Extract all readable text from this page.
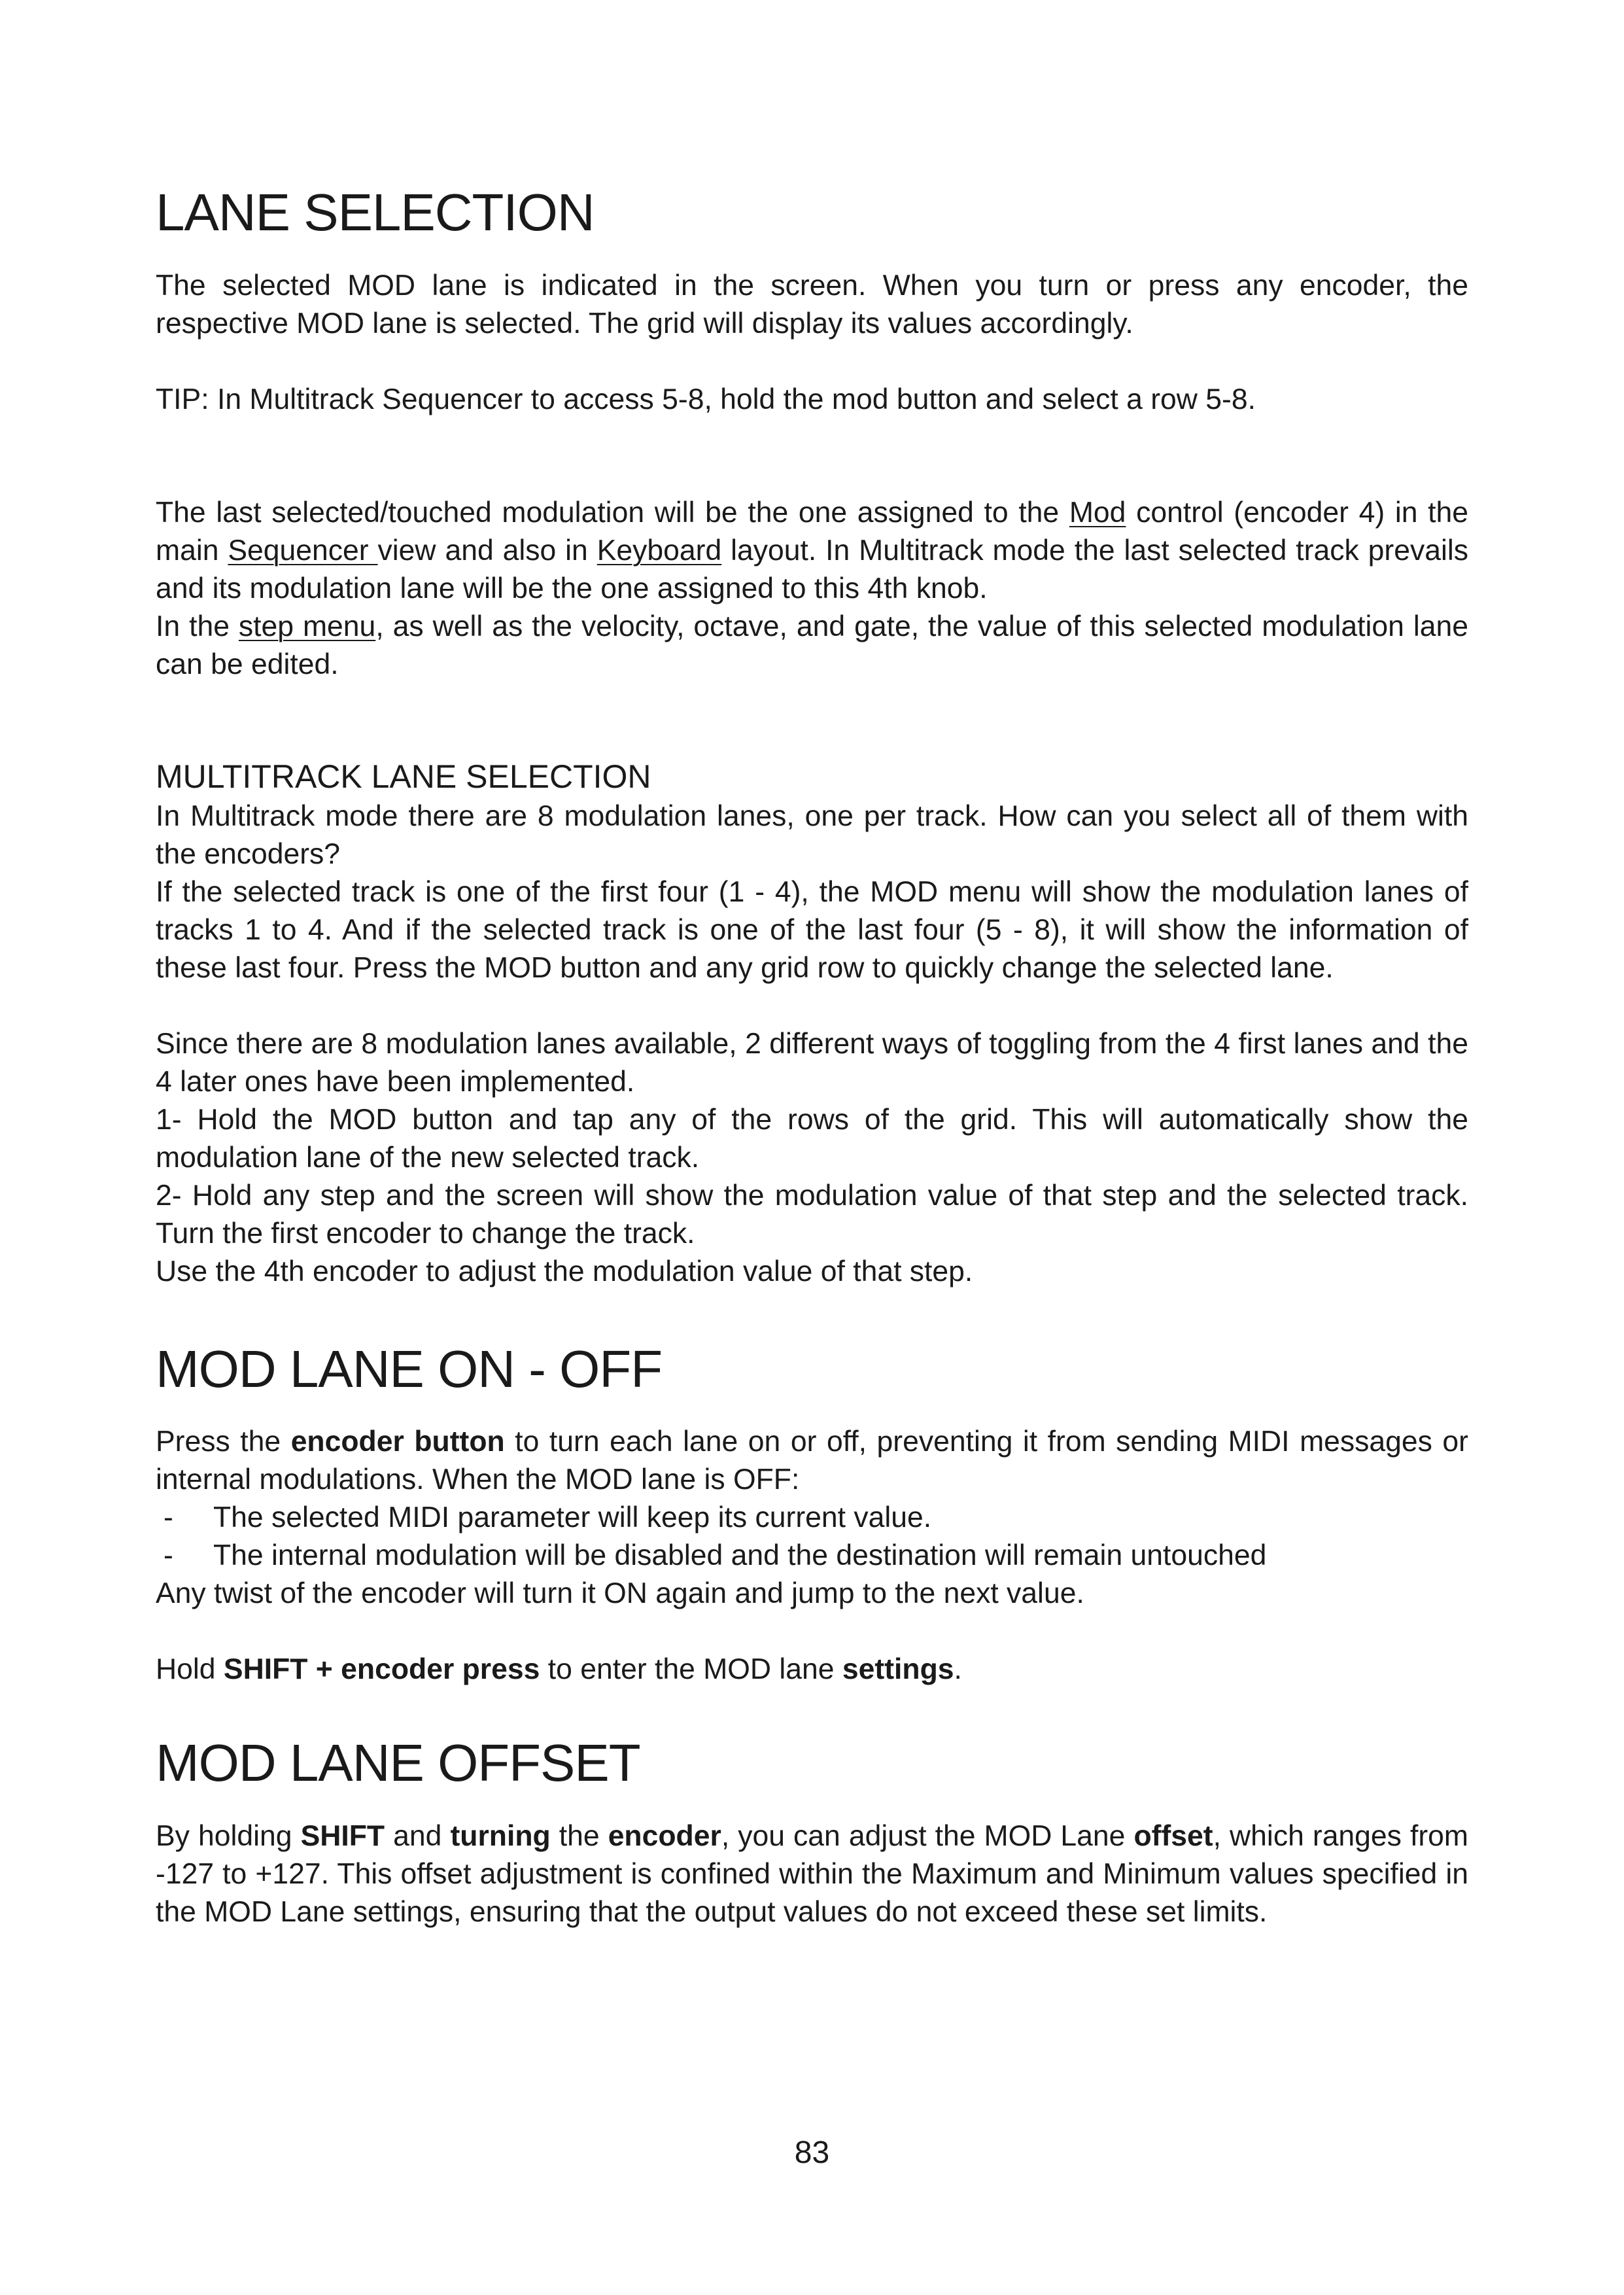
LANE SELECTION

The selected MOD lane is indicated in the screen. When you turn or press any encoder, the respective MOD lane is selected. The grid will display its values accordingly.

TIP: In Multitrack Sequencer to access 5-8, hold the mod button and select a row 5-8.

The last selected/touched modulation will be the one assigned to the Mod control (encoder 4) in the main Sequencer view and also in Keyboard layout. In Multitrack mode the last selected track prevails and its modulation lane will be the one assigned to this 4th knob.

In the step menu, as well as the velocity, octave, and gate, the value of this selected modulation lane can be edited.

MULTITRACK LANE SELECTION

In Multitrack mode there are 8 modulation lanes, one per track. How can you select all of them with the encoders?

If the selected track is one of the first four (1 - 4), the MOD menu will show the modulation lanes of tracks 1 to 4. And if the selected track is one of the last four (5 - 8), it will show the information of these last four. Press the MOD button and any grid row to quickly change the selected lane.

Since there are 8 modulation lanes available, 2 different ways of toggling from the 4 first lanes and the 4 later ones have been implemented.

1- Hold the MOD button and tap any of the rows of the grid. This will automatically show the modulation lane of the new selected track.

2- Hold any step and the screen will show the modulation value of that step and the selected track. Turn the first encoder to change the track.

Use the 4th encoder to adjust the modulation value of that step.

MOD LANE ON - OFF

Press the encoder button to turn each lane on or off, preventing it from sending MIDI messages or internal modulations. When the MOD lane is OFF:

-	The selected MIDI parameter will keep its current value.
-	The internal modulation will be disabled and the destination will remain untouched

Any twist of the encoder will turn it ON again and jump to the next value.

Hold SHIFT + encoder press to enter the MOD lane settings.

MOD LANE OFFSET

By holding SHIFT and turning the encoder, you can adjust the MOD Lane offset, which ranges from -127 to +127. This offset adjustment is confined within the Maximum and Minimum values specified in the MOD Lane settings, ensuring that the output values do not exceed these set limits.

83
